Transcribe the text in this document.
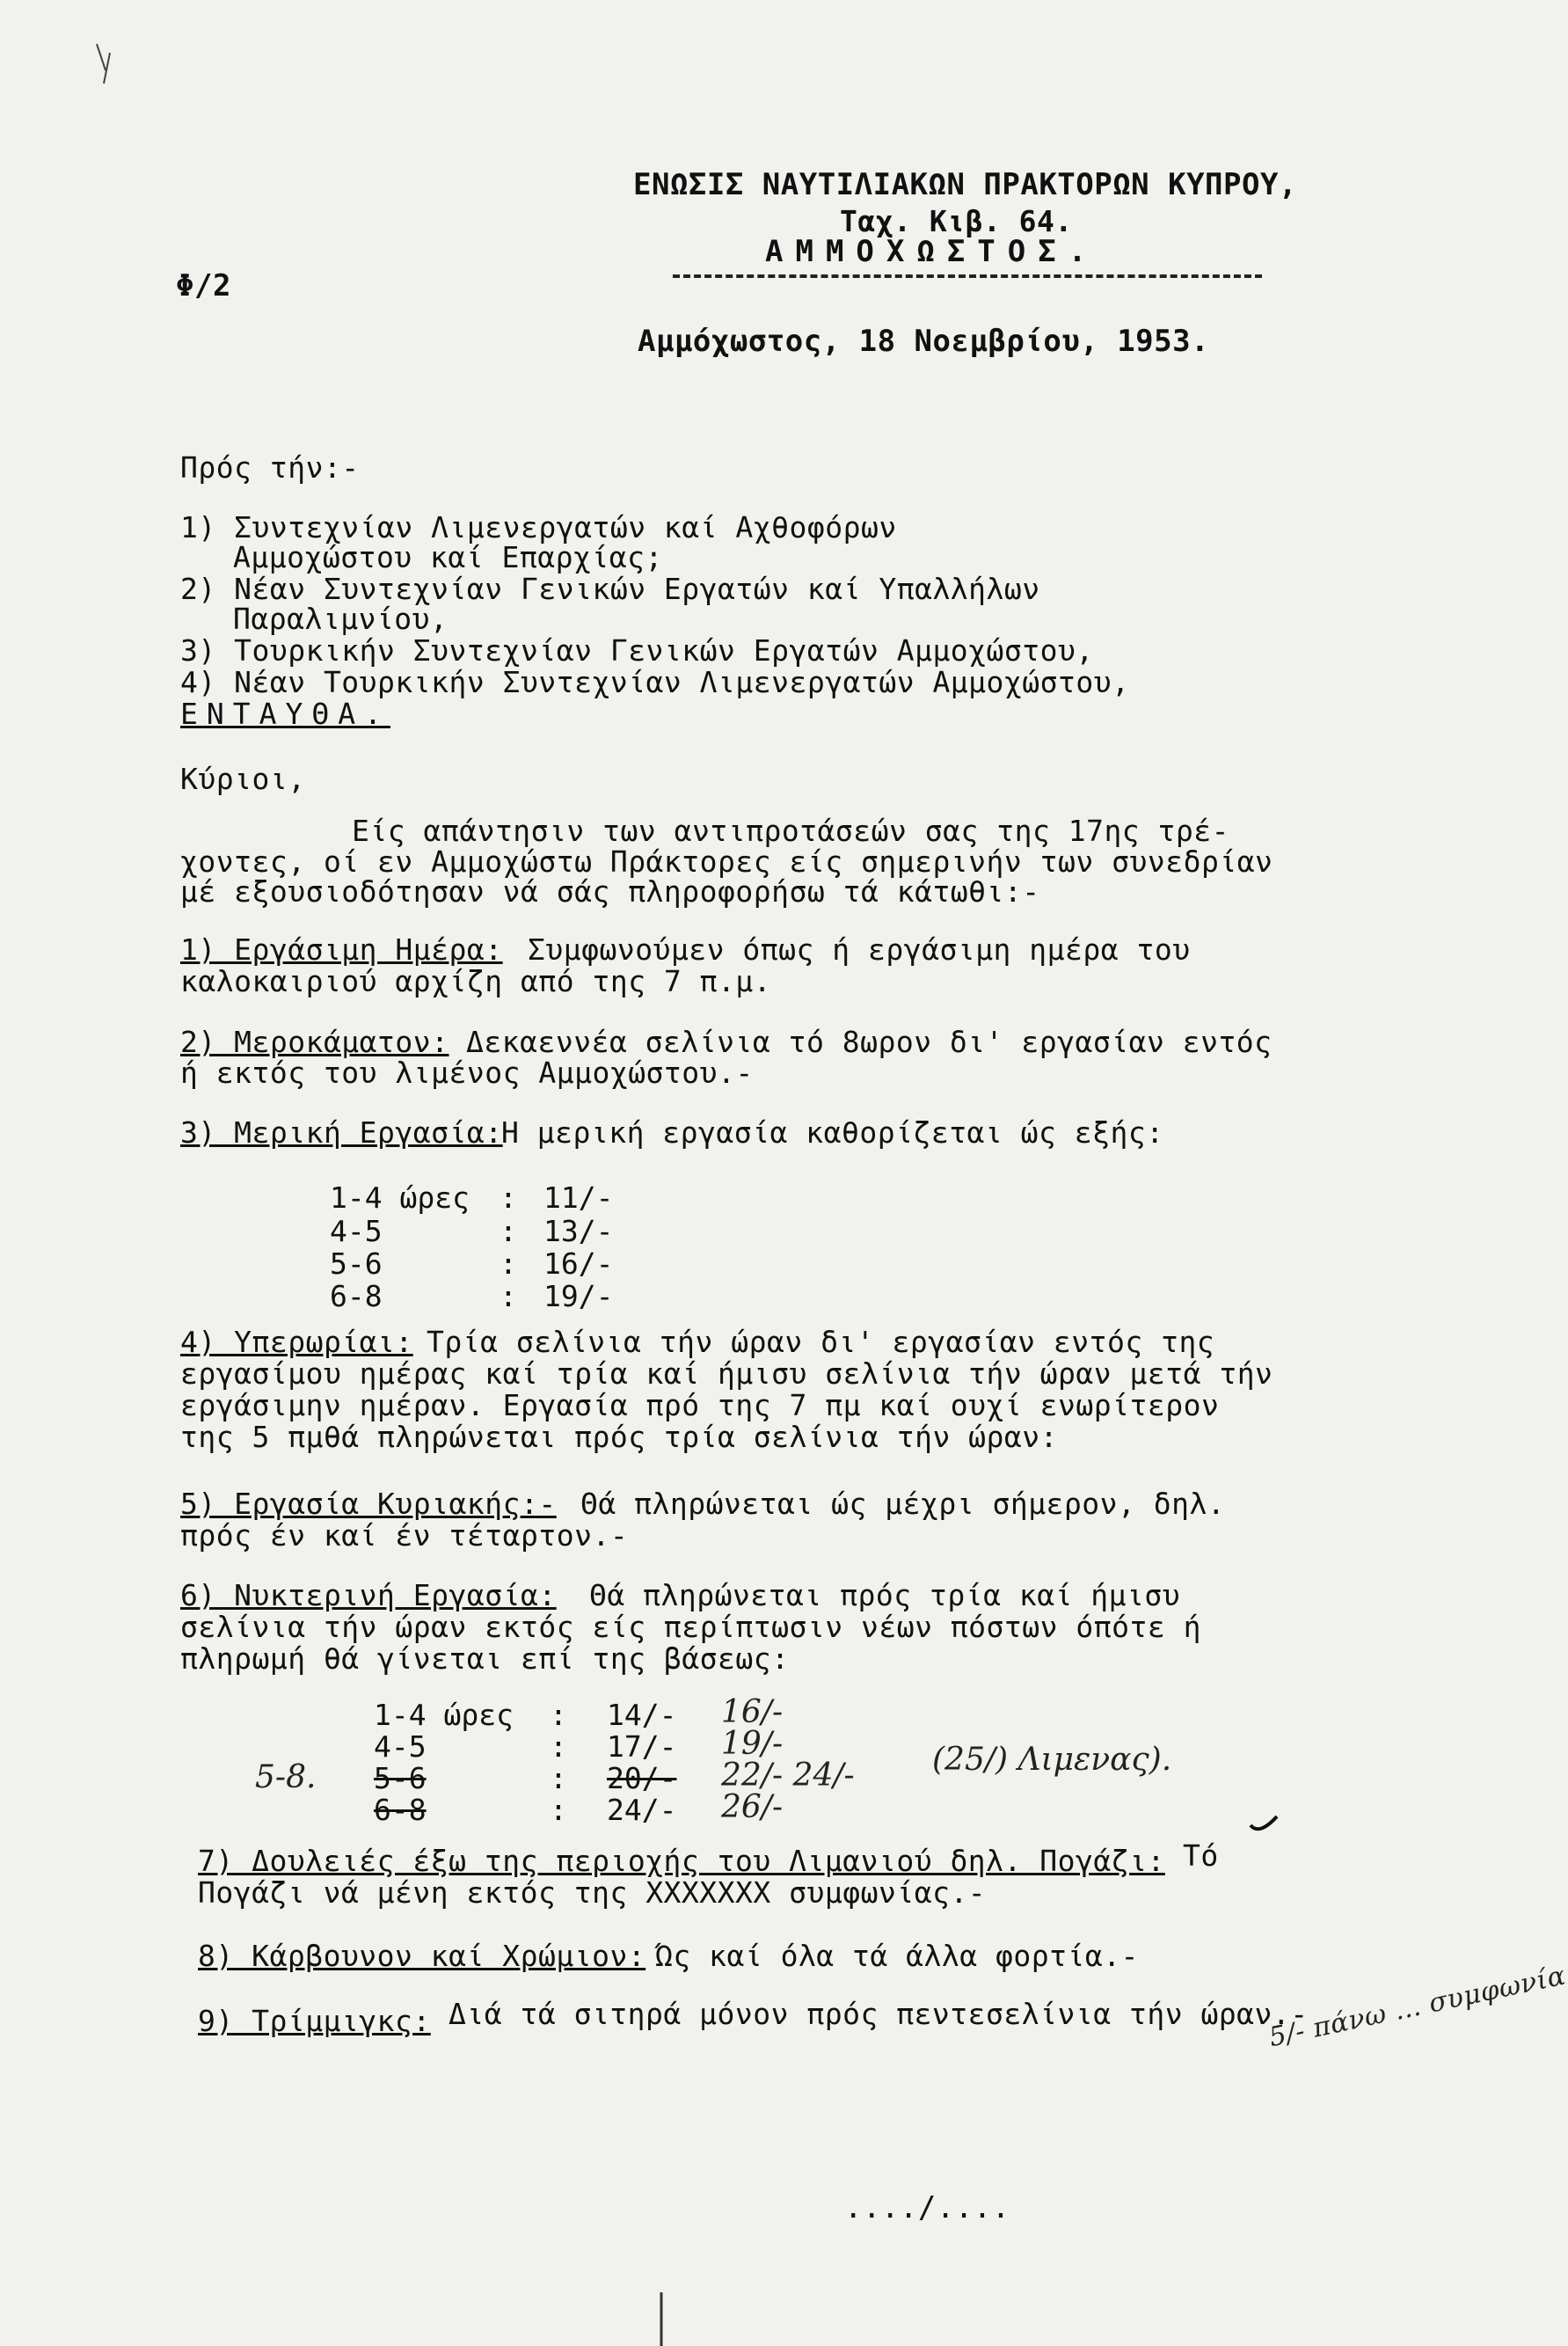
ΕΝΩΣΙΣ ΝΑΥΤΙΛΙΑΚΩΝ ΠΡΑΚΤΟΡΩΝ ΚΥΠΡΟΥ,
Ταχ. Κιβ. 64.
ΑΜΜΟΧΩΣΤΟΣ.
Φ/2
Αμμόχωστος, 18 Νοεμβρίου, 1953.
Πρός τήν:-
1) Συντεχνίαν Λιμενεργατών καί Αχθοφόρων
Αμμοχώστου καί Επαρχίας;
2) Νέαν Συντεχνίαν Γενικών Εργατών καί Υπαλλήλων
Παραλιμνίου,
3) Τουρκικήν Συντεχνίαν Γενικών Εργατών Αμμοχώστου,
4) Νέαν Τουρκικήν Συντεχνίαν Λιμενεργατών Αμμοχώστου,
ΕΝΤΑΥΘΑ.
Κύριοι,
Είς απάντησιν των αντιπροτάσεών σας της 17ης τρέ-
χοντες, οί εν Αμμοχώστω Πράκτορες είς σημερινήν των συνεδρίαν
μέ εξουσιοδότησαν νά σάς πληροφορήσω τά κάτωθι:-
1) Εργάσιμη Ημέρα: Συμφωνούμεν όπως ή εργάσιμη ημέρα του
καλοκαιριού αρχίζη από της 7 π.μ.
2) Μεροκάματον: Δεκαεννέα σελίνια τό 8ωρον δι' εργασίαν εντός
ή εκτός του λιμένος Αμμοχώστου.-
3) Μερική Εργασία:
Η μερική εργασία καθορίζεται ώς εξής:
1-4 ώρες : 11/-
4-5	: 13/-
5-6	: 16/-
6-8	: 19/-
4) Υπερωρίαι: Τρία σελίνια τήν ώραν δι' εργασίαν εντός της
εργασίμου ημέρας καί τρία καί ήμισυ σελίνια τήν ώραν μετά τήν
εργάσιμην ημέραν. Εργασία πρό της 7 πμ καί ουχί ενωρίτερον
της 5 πμθά πληρώνεται πρός τρία σελίνια τήν ώραν:
5) Εργασία Κυριακής:- Θά πληρώνεται ώς μέχρι σήμερον, δηλ.
πρός έν καί έν τέταρτον.-
6) Νυκτερινή Εργασία: Θά πληρώνεται πρός τρία καί ήμισυ
σελίνια τήν ώραν εκτός είς περίπτωσιν νέων πόστων όπότε ή
πληρωμή θά γίνεται επί της βάσεως:
1-4 ώρες : 14/- 16/-
4-5	: 17/- 19/-
5-8. 5-6	: 20/- 22/- 24/- (25/) Λιμενας).
6-8	: 24/- 26/-
7) Δουλειές έξω της περιοχής του Λιμανιού δηλ. Πογάζι: Τό
Πογάζι νά μένη εκτός της XXXXXXX συμφωνίας.-
8) Κάρβουνον καί Χρώμιον: Ώς καί όλα τά άλλα φορτία.-
9) Τρίμμιγκς: Διά τά σιτηρά μόνον πρός πεντεσελίνια τήν ώραν.-
5/- πάνω ... συμφωνία
..../....
